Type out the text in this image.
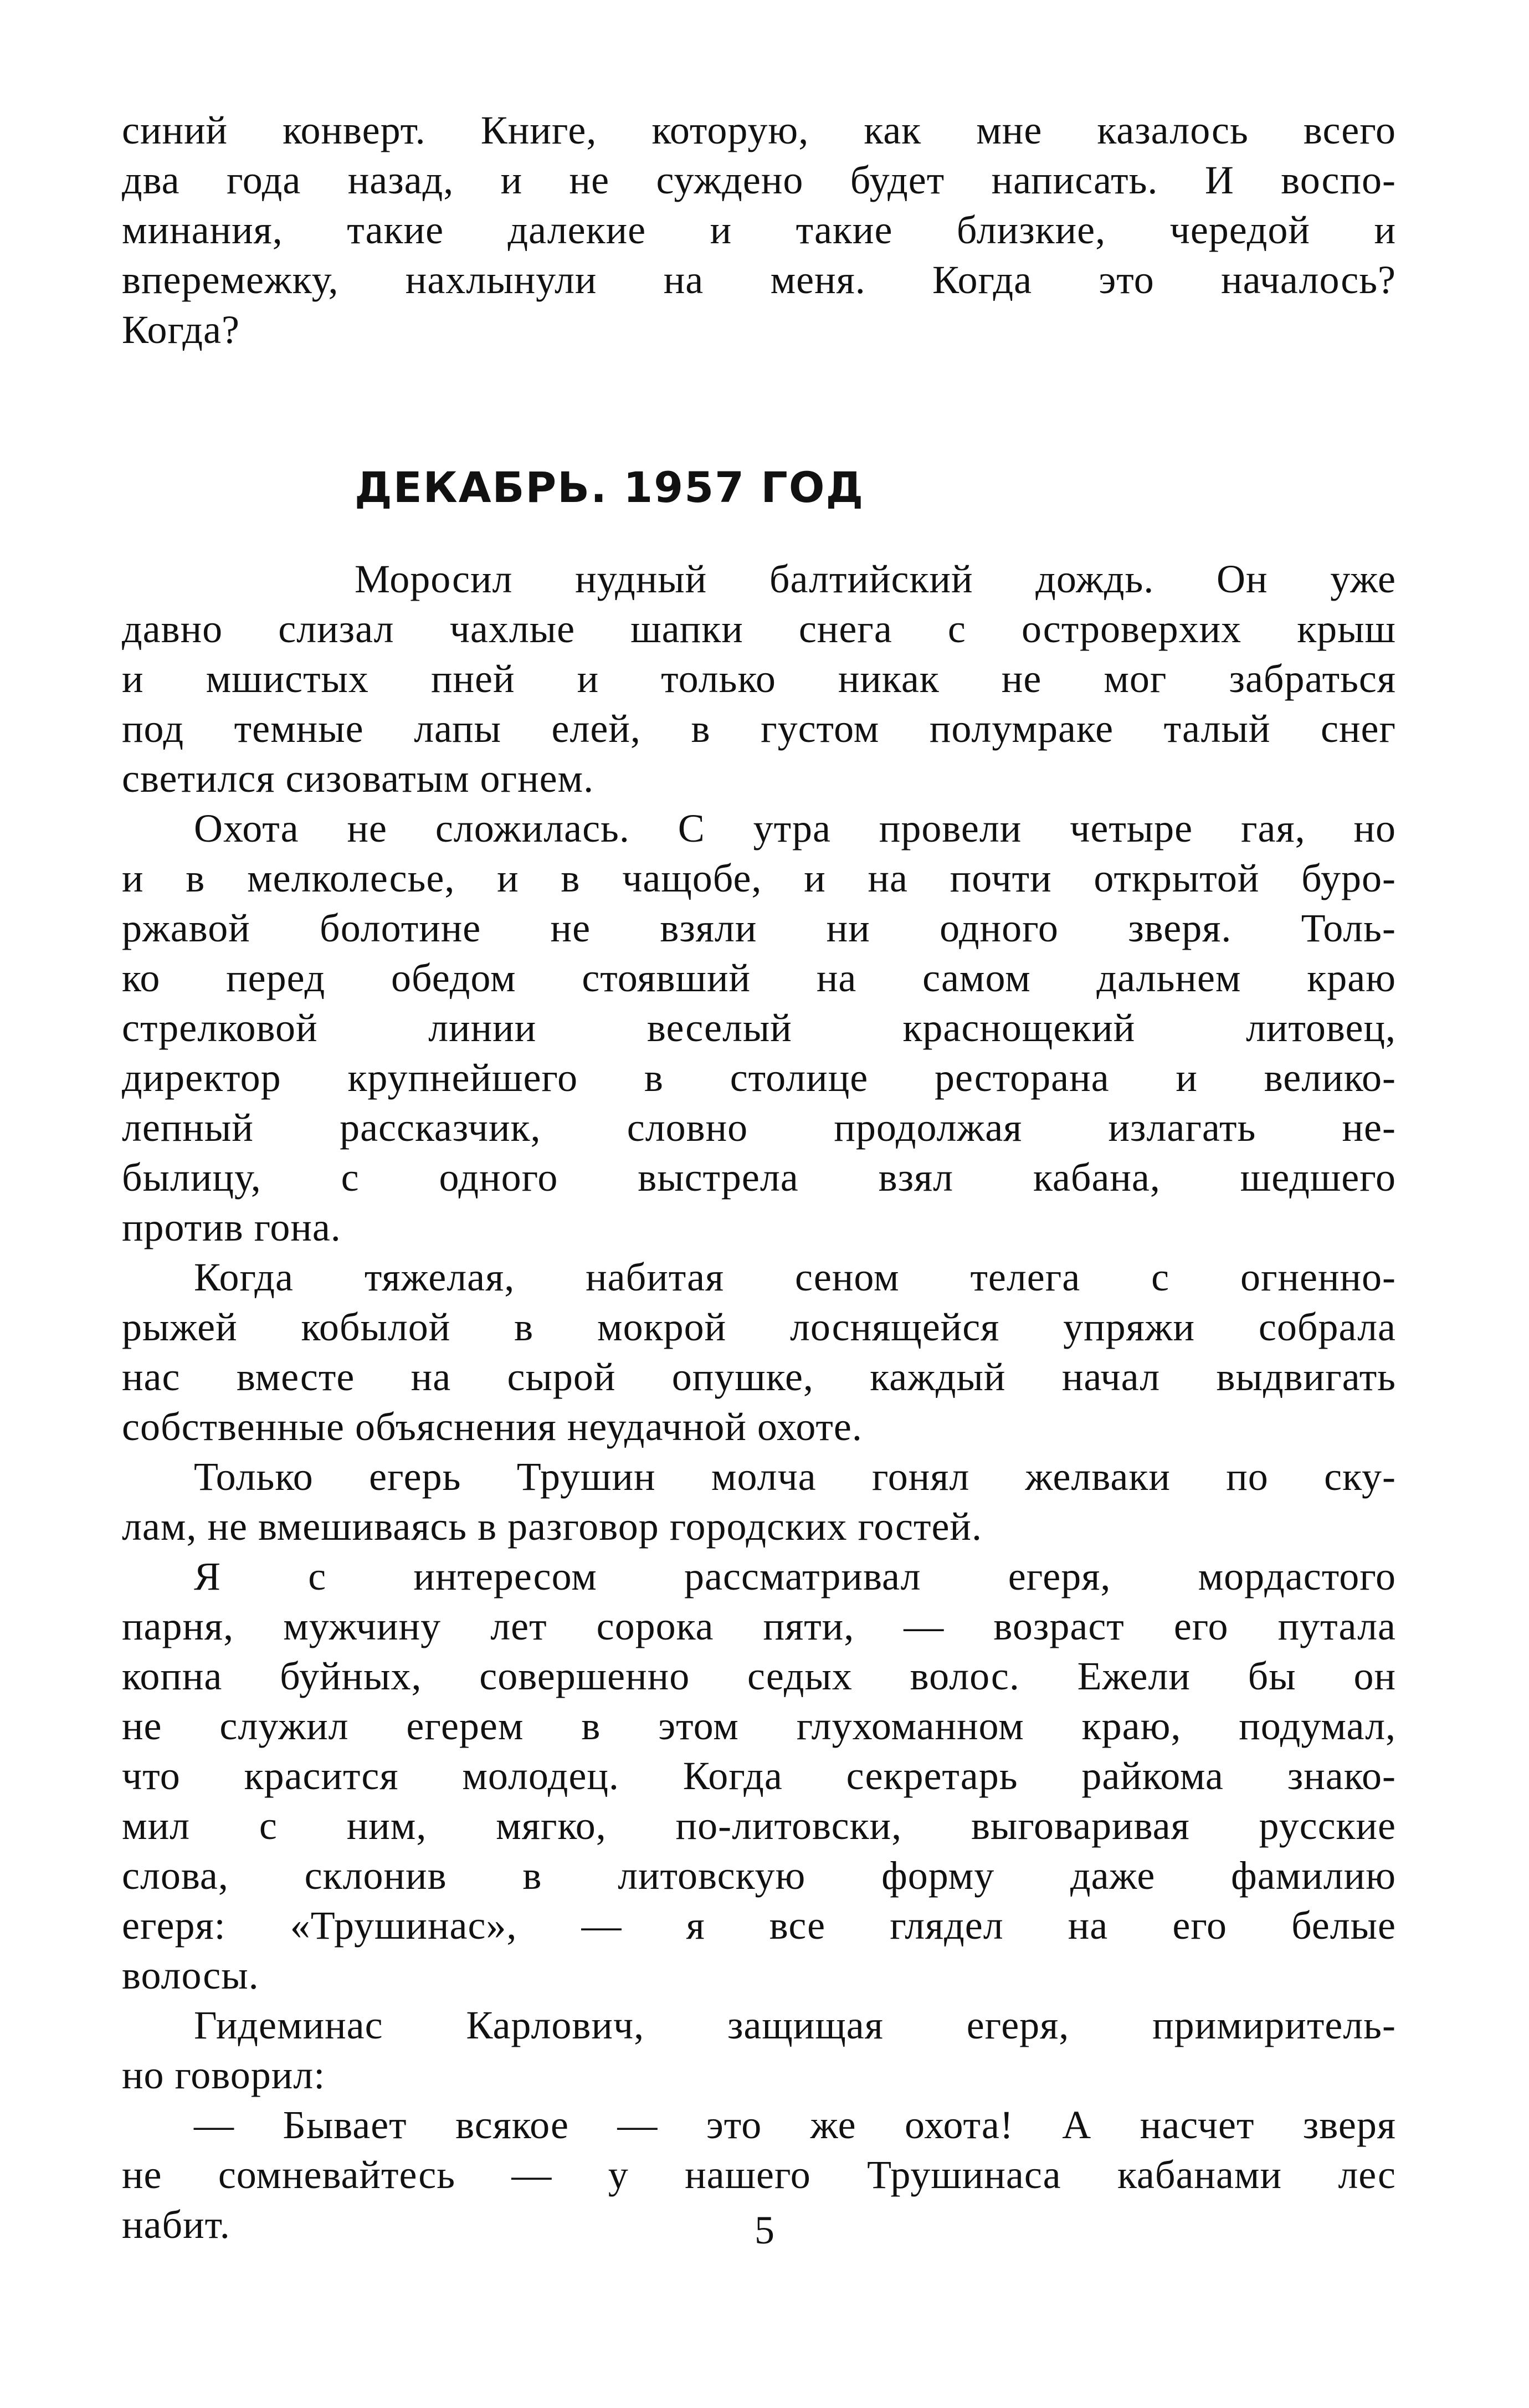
синий конверт. Книге, которую, как мне казалось всего
два года назад, и не суждено будет написать. И воспо-
минания, такие далекие и такие близкие, чередой и
вперемежку, нахлынули на меня. Когда это началось?
Когда?
ДЕКАБРЬ. 1957 ГОД
Моросил нудный балтийский дождь. Он уже
давно слизал чахлые шапки снега с островерхих крыш
и мшистых пней и только никак не мог забраться
под темные лапы елей, в густом полумраке талый снег
светился сизоватым огнем.
Охота не сложилась. С утра провели четыре гая, но
и в мелколесье, и в чащобе, и на почти открытой буро-
ржавой болотине не взяли ни одного зверя. Толь-
ко перед обедом стоявший на самом дальнем краю
стрелковой линии веселый краснощекий литовец,
директор крупнейшего в столице ресторана и велико-
лепный рассказчик, словно продолжая излагать не-
былицу, с одного выстрела взял кабана, шедшего
против гона.
Когда тяжелая, набитая сеном телега с огненно-
рыжей кобылой в мокрой лоснящейся упряжи собрала
нас вместе на сырой опушке, каждый начал выдвигать
собственные объяснения неудачной охоте.
Только егерь Трушин молча гонял желваки по ску-
лам, не вмешиваясь в разговор городских гостей.
Я с интересом рассматривал егеря, мордастого
парня, мужчину лет сорока пяти, — возраст его путала
копна буйных, совершенно седых волос. Ежели бы он
не служил егерем в этом глухоманном краю, подумал,
что красится молодец. Когда секретарь райкома знако-
мил с ним, мягко, по-литовски, выговаривая русские
слова, склонив в литовскую форму даже фамилию
егеря: «Трушинас», — я все глядел на его белые
волосы.
Гидеминас Карлович, защищая егеря, примиритель-
но говорил:
— Бывает всякое — это же охота! А насчет зверя
не сомневайтесь — у нашего Трушинаса кабанами лес
набит.	5
